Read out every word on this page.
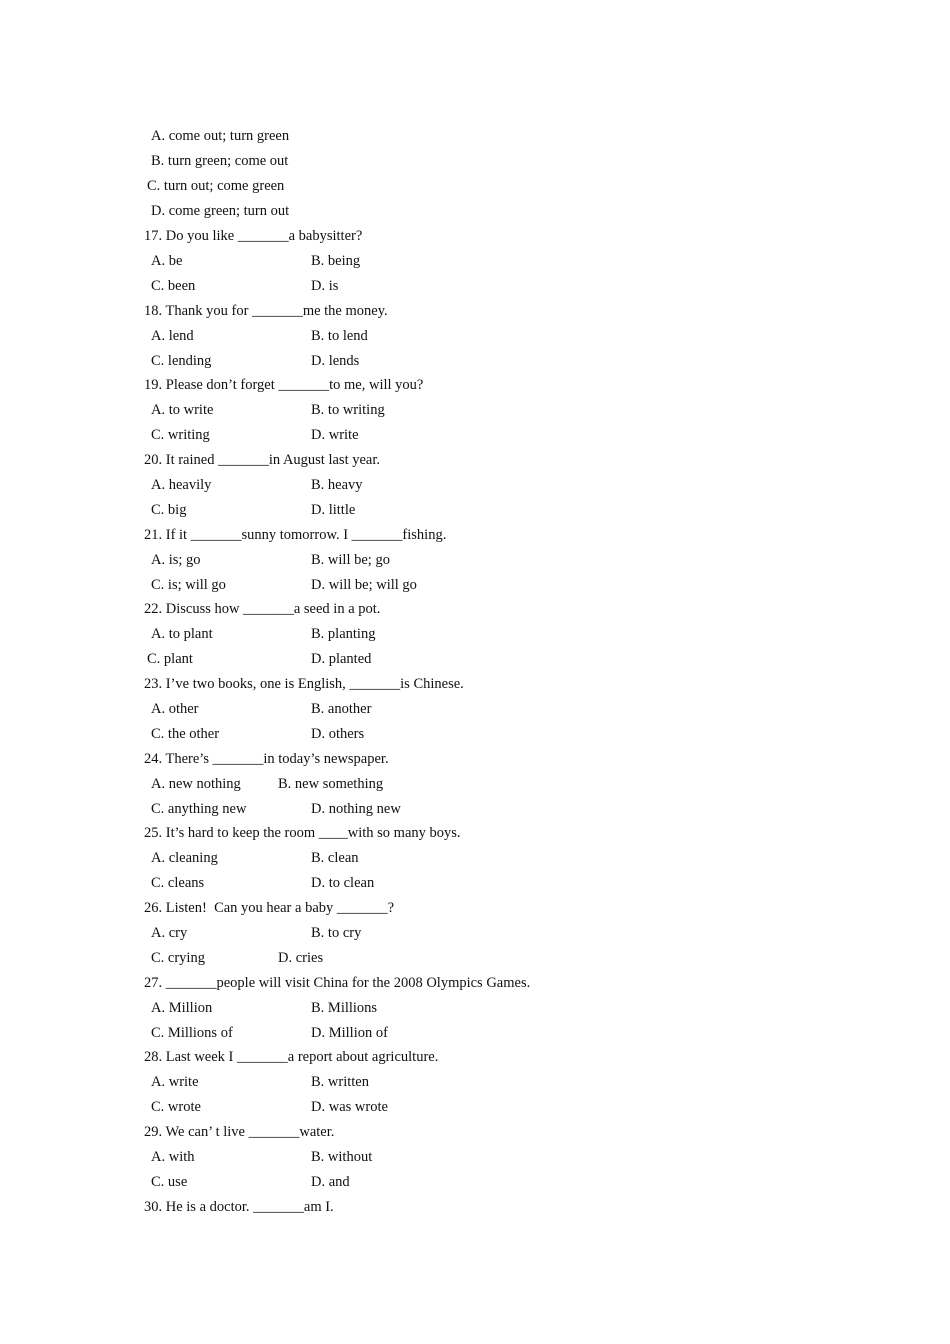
A. come out; turn green
B. turn green; come out
C. turn out; come green
D. come green; turn out
17. Do you like _______a babysitter?
A. be	B. being
C. been	D. is
18. Thank you for _______me the money.
A. lend	B. to lend
C. lending	D. lends
19. Please don’t forget _______to me, will you?
A. to write	B. to writing
C. writing	D. write
20. It rained _______in August last year.
A. heavily	B. heavy
C. big	D. little
21. If it _______sunny tomorrow. I _______fishing.
A. is; go	B. will be; go
C. is; will go	D. will be; will go
22. Discuss how _______a seed in a pot.
A. to plant	B. planting
C. plant	D. planted
23. I’ve two books, one is English, _______is Chinese.
A. other	B. another
C. the other	D. others
24. There’s _______in today’s newspaper.
A. new nothing	B. new something
C. anything new	D. nothing new
25. It’s hard to keep the room ____with so many boys.
A. cleaning	B. clean
C. cleans	D. to clean
26. Listen!  Can you hear a baby _______?
A. cry	B. to cry
C. crying	D. cries
27. _______people will visit China for the 2008 Olympics Games.
A. Million	B. Millions
C. Millions of	D. Million of
28. Last week I _______a report about agriculture.
A. write	B. written
C. wrote	D. was wrote
29. We can’ t live _______water.
A. with	B. without
C. use	D. and
30. He is a doctor. _______am I.
